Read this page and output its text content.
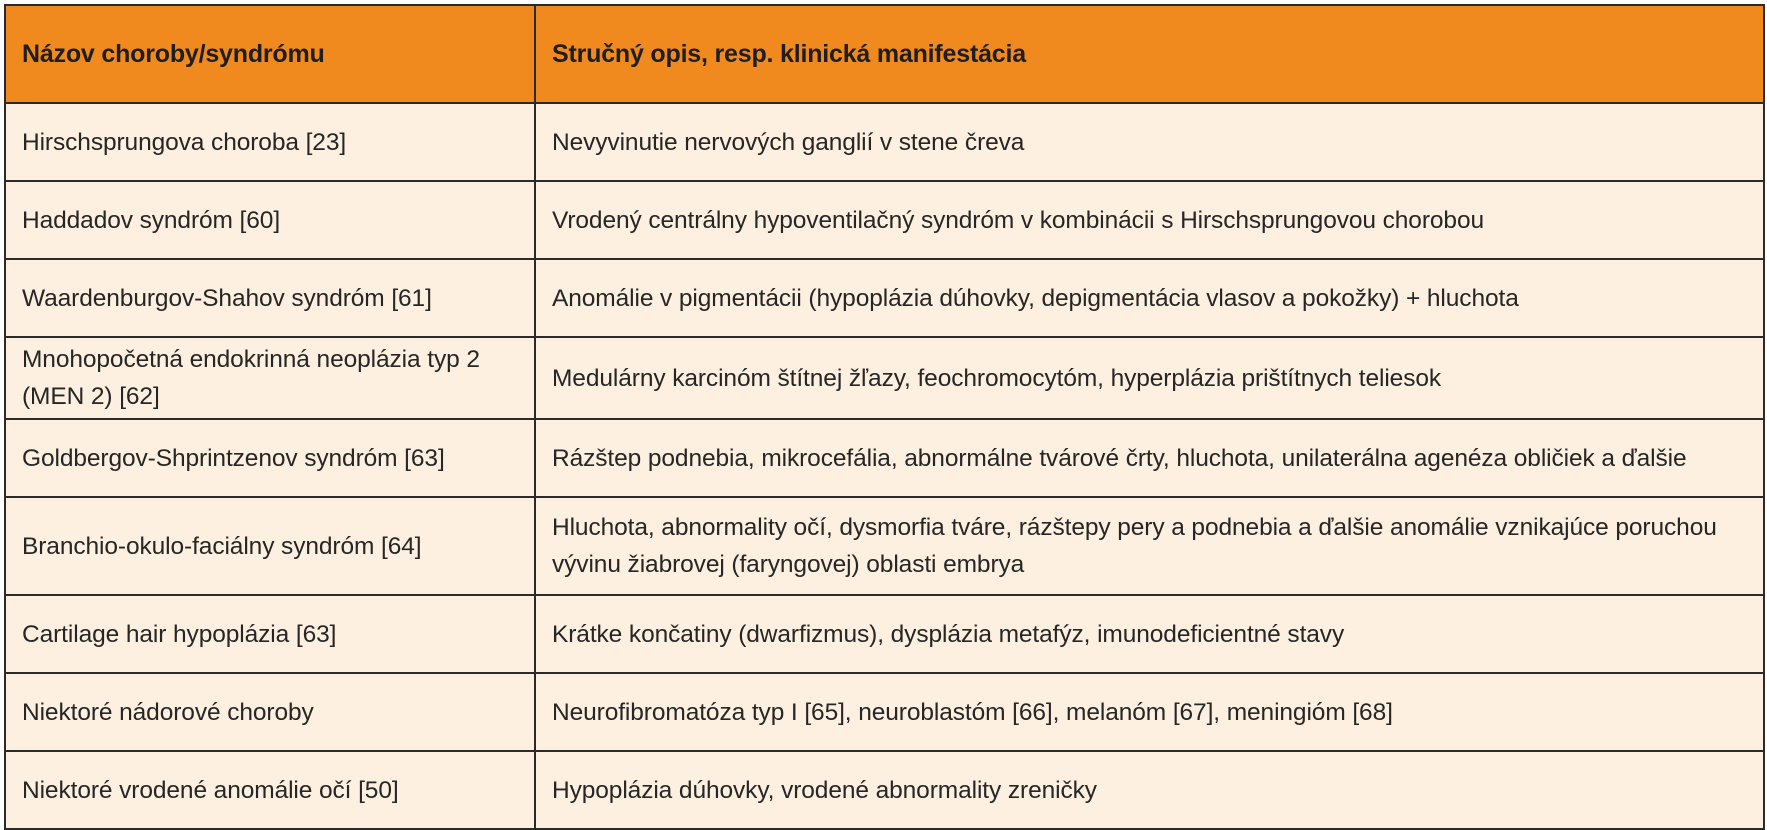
Názov choroby/syndrómu	Stručný opis, resp. klinická manifestácia
Hirschsprungova choroba [23]	Nevyvinutie nervových ganglií v stene čreva
Haddadov syndróm [60]	Vrodený centrálny hypoventilačný syndróm v kombinácii s Hirschsprungovou chorobou
Waardenburgov-Shahov syndróm [61]	Anomálie v pigmentácii (hypoplázia dúhovky, depigmentácia vlasov a pokožky) + hluchota
Mnohopočetná endokrinná neoplázia typ 2 (MEN 2) [62]	Medulárny karcinóm štítnej žľazy, feochromocytóm, hyperplázia prištítnych teliesok
Goldbergov-Shprintzenov syndróm [63]	Rázštep podnebia, mikrocefália, abnormálne tvárové črty, hluchota, unilaterálna agenéza obličiek a ďalšie
Branchio-okulo-faciálny syndróm [64]	Hluchota, abnormality očí, dysmorfia tváre, rázštepy pery a podnebia a ďalšie anomálie vznikajúce poruchou vývinu žiabrovej (faryngovej) oblasti embrya
Cartilage hair hypoplázia [63]	Krátke končatiny (dwarfizmus), dysplázia metafýz, imunodeficientné stavy
Niektoré nádorové choroby	Neurofibromatóza typ I [65], neuroblastóm [66], melanóm [67], meningióm [68]
Niektoré vrodené anomálie očí [50]	Hypoplázia dúhovky, vrodené abnormality zreničky
